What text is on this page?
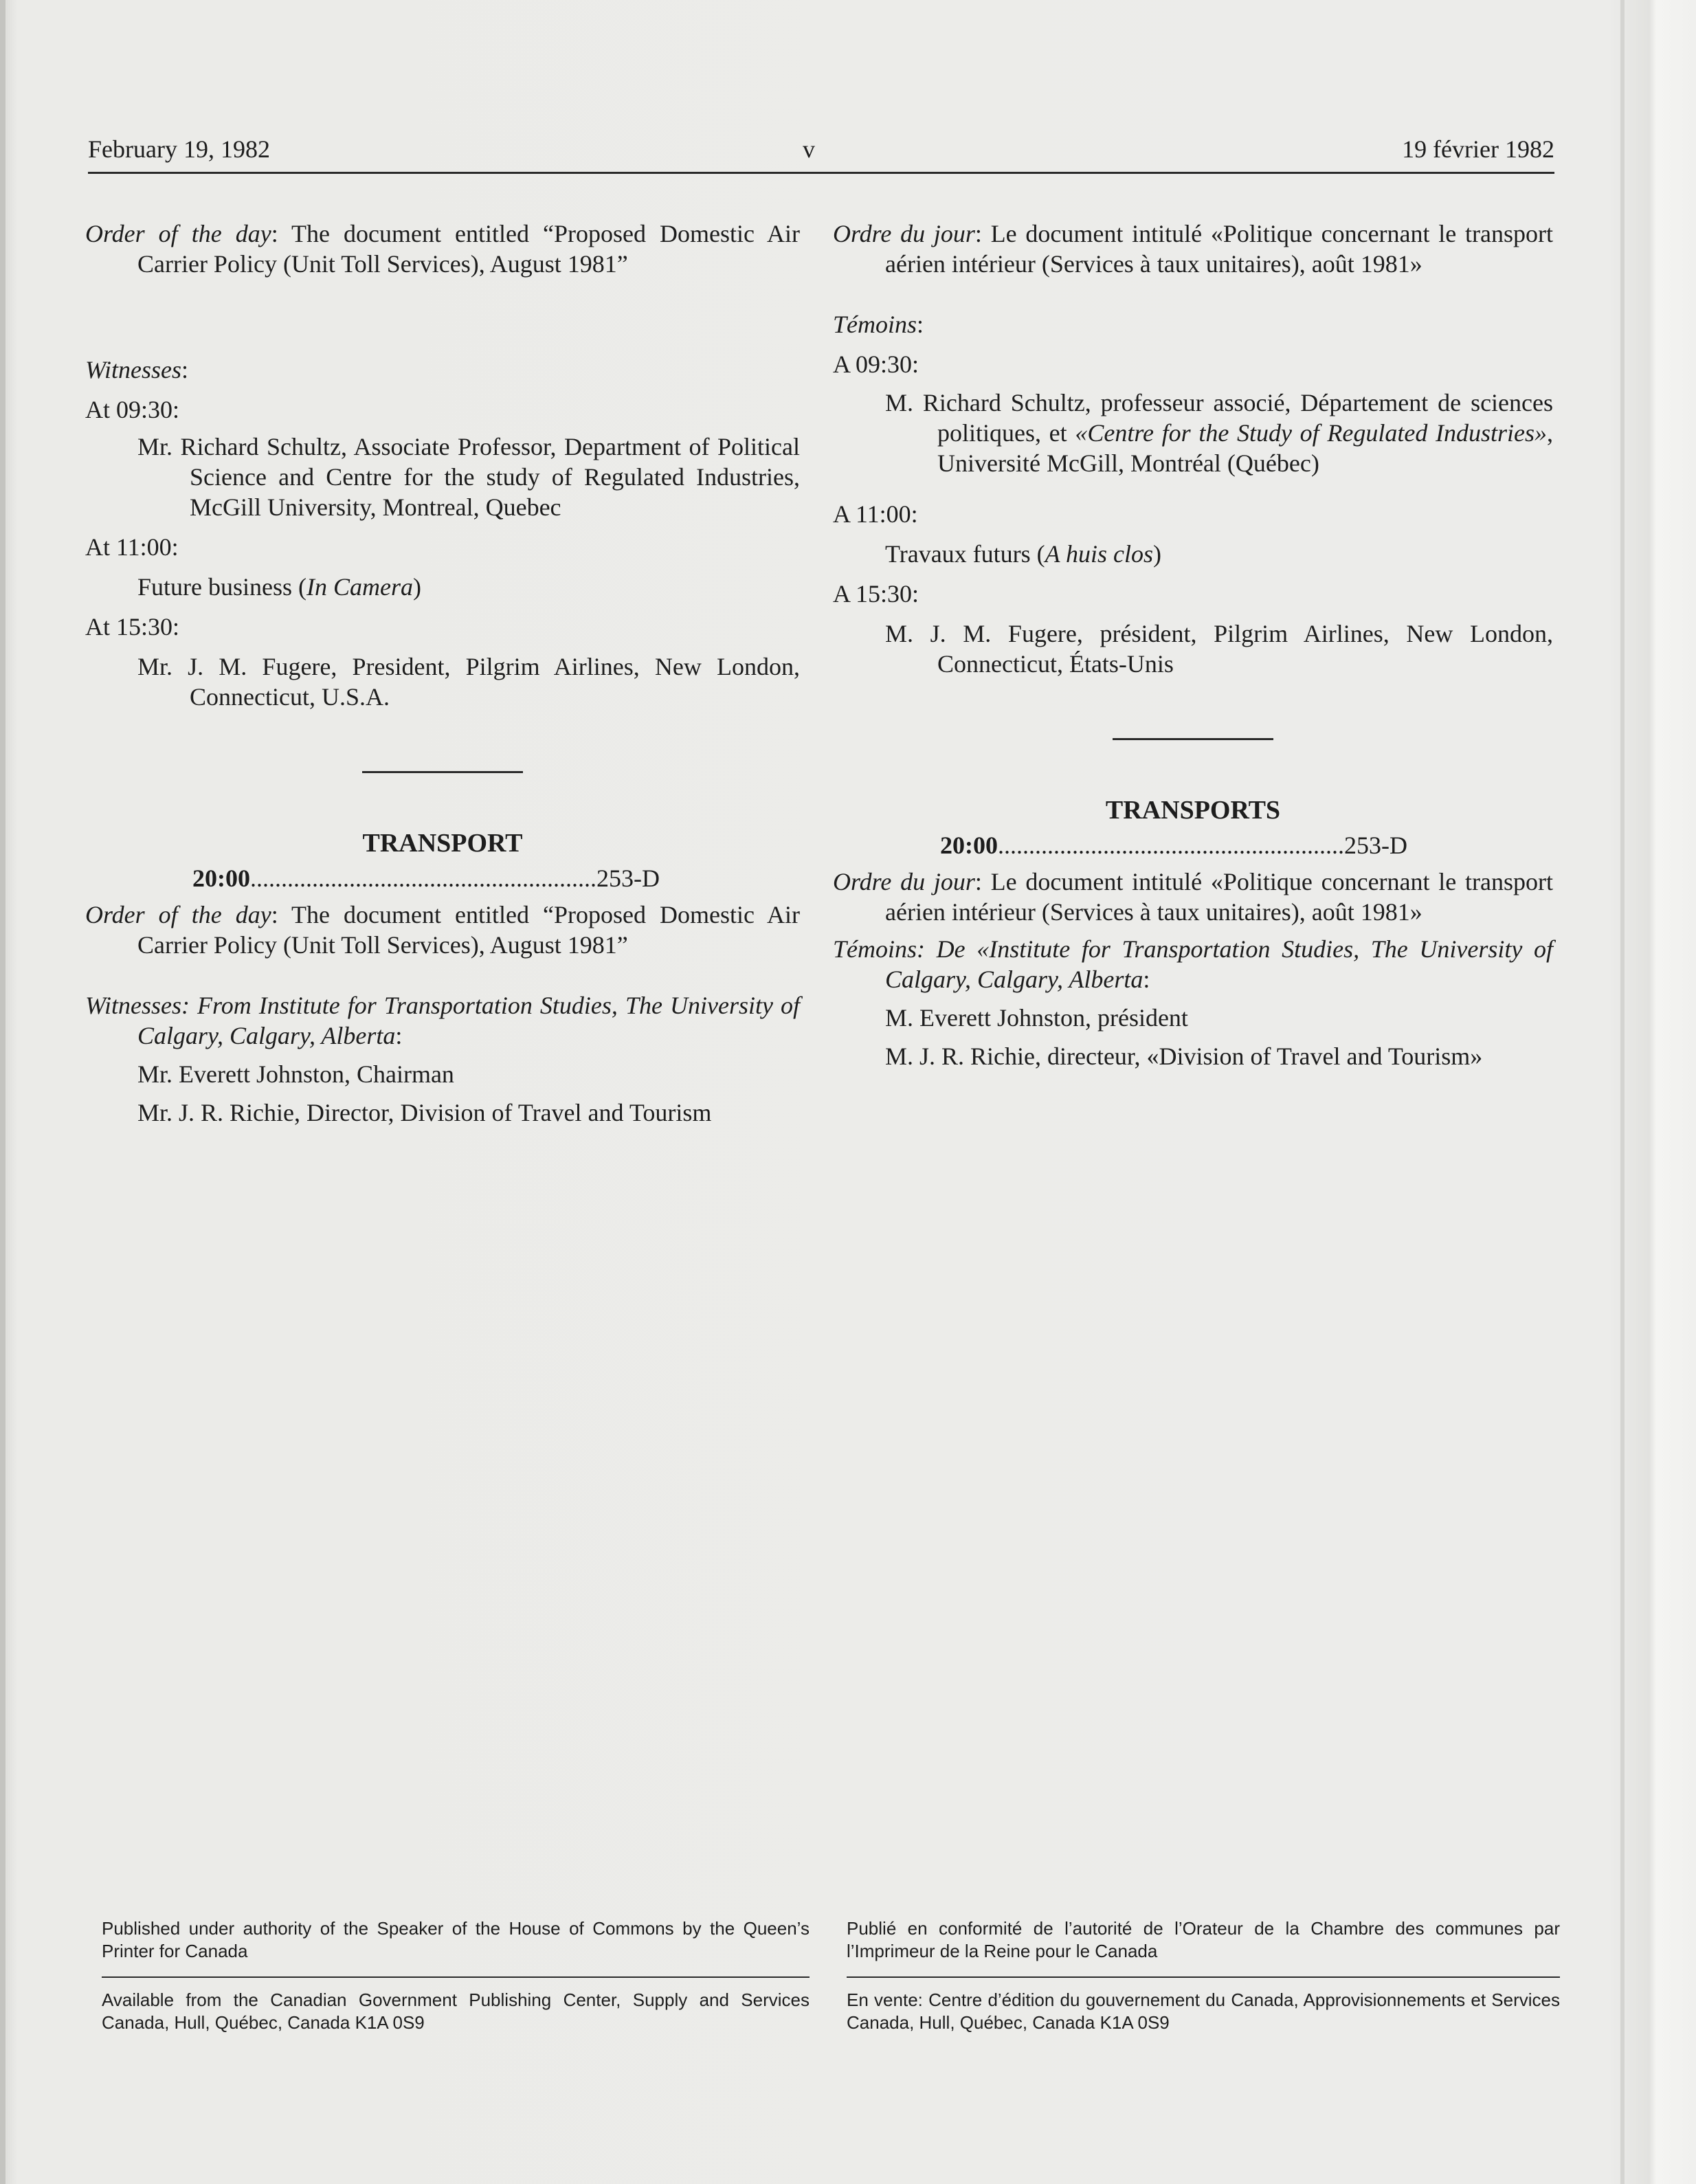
February 19, 1982	v	19 février 1982

Order of the day: The document entitled “Proposed Domestic Air Carrier Policy (Unit Toll Services), August 1981”

Witnesses:

At 09:30:

Mr. Richard Schultz, Associate Professor, Department of Political Science and Centre for the study of Regulated Industries, McGill University, Montreal, Quebec

At 11:00:

Future business (In Camera)

At 15:30:

Mr. J. M. Fugere, President, Pilgrim Airlines, New London, Connecticut, U.S.A.

TRANSPORT

20:00........................................................253-D

Order of the day: The document entitled “Proposed Domestic Air Carrier Policy (Unit Toll Services), August 1981”

Witnesses: From Institute for Transportation Studies, The University of Calgary, Calgary, Alberta:

Mr. Everett Johnston, Chairman

Mr. J. R. Richie, Director, Division of Travel and Tourism

Ordre du jour: Le document intitulé «Politique concernant le transport aérien intérieur (Services à taux unitaires), août 1981»

Témoins:

A 09:30:

M. Richard Schultz, professeur associé, Département de sciences politiques, et «Centre for the Study of Regulated Industries», Université McGill, Montréal (Québec)

A 11:00:

Travaux futurs (A huis clos)

A 15:30:

M. J. M. Fugere, président, Pilgrim Airlines, New London, Connecticut, États-Unis

TRANSPORTS

20:00........................................................253-D

Ordre du jour: Le document intitulé «Politique concernant le transport aérien intérieur (Services à taux unitaires), août 1981»

Témoins: De «Institute for Transportation Studies, The University of Calgary, Calgary, Alberta:

M. Everett Johnston, président

M. J. R. Richie, directeur, «Division of Travel and Tourism»

Published under authority of the Speaker of the House of Commons by the Queen’s Printer for Canada

Available from the Canadian Government Publishing Center, Supply and Services Canada, Hull, Québec, Canada K1A 0S9

Publié en conformité de l’autorité de l’Orateur de la Chambre des communes par l’Imprimeur de la Reine pour le Canada

En vente: Centre d’édition du gouvernement du Canada, Approvisionnements et Services Canada, Hull, Québec, Canada K1A 0S9
